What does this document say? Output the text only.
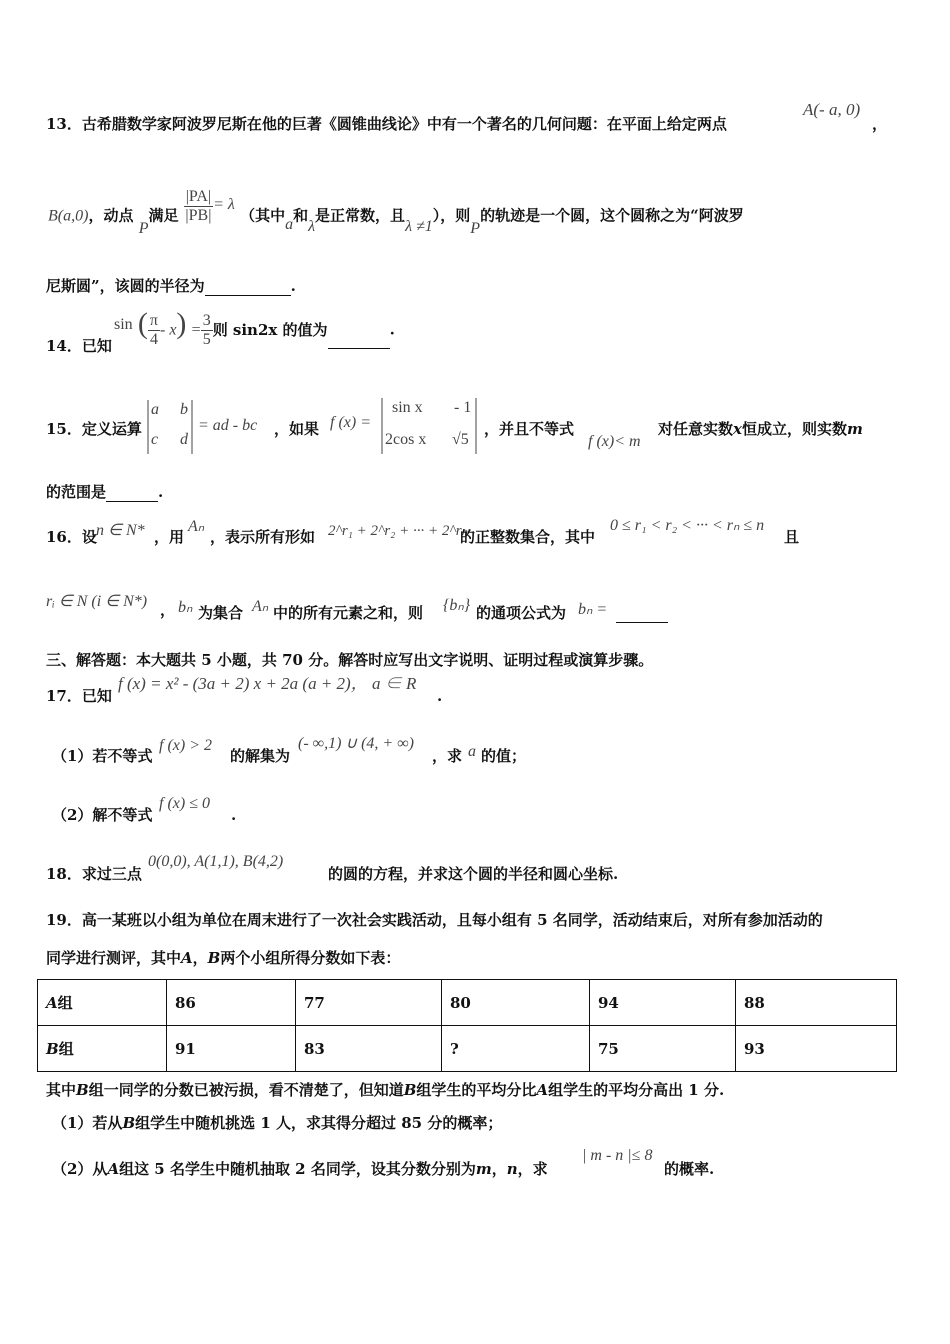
13．古希腊数学家阿波罗尼斯在他的巨著《圆锥曲线论》中有一个著名的几何问题：在平面上给定两点
A(- a, 0)
，
B(a,0)，动点 P满足 $\frac{|PA|}{|PB|} = \lambda$ （其中a和λ是正常数，且λ ≠1），则P的轨迹是一个圆，这个圆称之为“阿波罗
尼斯圆”，该圆的半径为	.
14．已知
sin ( $\frac{\pi}{4} - x) = \frac{3}{5}$ 则 sin2x 的值为	.
15．定义运算
a b
c d
= ad - bc ，如果 f (x) =
sin x - 1
2cos x √5
，并且不等式
f (x)< m
对任意实数x恒成立，则实数m
的范围是	.
16．设 n ∈ N* ，用
Aₙ
，表示所有形如 2^r₁ + 2^r₂ + ··· + 2^rₙ
的正整数集合，其中
0 ≤ r₁ < r₂ < ··· < rₙ ≤ n
且
rᵢ ∈ N (i ∈ N*) ， bₙ 为集合 Aₙ 中的所有元素之和，则 {bₙ} 的通项公式为 bₙ =
三、解答题：本大题共 5 小题，共 70 分。解答时应写出文字说明、证明过程或演算步骤。
17．已知
f (x) = x² - (3a + 2) x + 2a (a + 2)， a ∈ R
.
（1）若不等式
f (x) > 2
的解集为
(- ∞,1) ∪ (4, + ∞)
，求 a 的值；
（2）解不等式
f (x) ≤ 0
.
18．求过三点
0(0,0), A(1,1), B(4,2)
的圆的方程，并求这个圆的半径和圆心坐标.
19．高一某班以小组为单位在周末进行了一次社会实践活动，且每小组有 5 名同学，活动结束后，对所有参加活动的
同学进行测评，其中A，B两个小组所得分数如下表：
A组	86	77	80	94	88
B组	91	83	?	75	93
其中B组一同学的分数已被污损，看不清楚了，但知道B组学生的平均分比A组学生的平均分高出 1 分.
（1）若从B组学生中随机挑选 1 人，求其得分超过 85 分的概率；
（2）从A组这 5 名学生中随机抽取 2 名同学，设其分数分别为m，n，求
| m - n |≤ 8
的概率.
